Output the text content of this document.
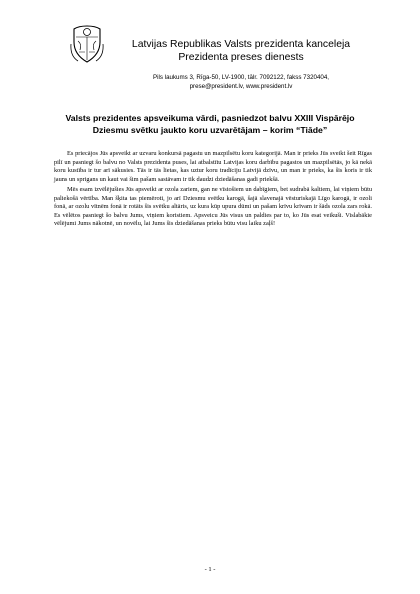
Latvijas Republikas Valsts prezidenta kanceleja
Prezidenta preses dienests
Pils laukums 3, Rīga-50, LV-1900, tālr. 7092122, fakss 7320404,
prese@president.lv, www.president.lv
Valsts prezidentes apsveikuma vārdi, pasniedzot balvu XXIII Vispārējo
Dziesmu svētku jaukto koru uzvarētājam – korim “Tiāde”

Es priecājos Jūs apsveikt ar uzvaru konkursā pagastu un mazpilsētu koru kategorijā. Man ir prieks Jūs sveikt šeit Rīgas pilī un pasniegt šo balvu no Valsts prezidenta puses, lai atbalstītu Latvijas koru darbību pagastos un mazpilsētās, jo kā nekā koru kustība ir tur arī sākusies. Tās ir tās lietas, kas uztur koru tradīciju Latvijā dzīvu, un man ir prieks, ka šis koris ir tik jauns un sprigans un kaut vai šim pašam sastāvam ir tik daudzi dziedāšanas gadi priekšā.

Mēs esam izvēlējušies Jūs apsveikt ar ozola zariem, gan ne vīstošiem un dabīgiem, bet sudrabā kaltiem, lai viņiem būtu paliekošā vērtība. Man šķita tas piemēroti, jo arī Dziesmu svētku karogā, šajā slavenajā vēsturiskajā Līgo karogā, ir ozoli fonā, ar ozolu vītnēm fonā ir rotāts šis svētku altāris, uz kura kūp upura dūmi un pašam krīvu krīvam ir šāds ozola zars rokā. Es vēlētos pasniegt šo balvu Jums, viņiem koristiem. Apsveicu Jūs visus un paldies par to, ko Jūs esat veikuši. Vislabākie vēlējumi Jums nākotnē, un novēlu, lai Jums šis dziedāšanas prieks būtu visu laiku zaļš!

- 1 -
